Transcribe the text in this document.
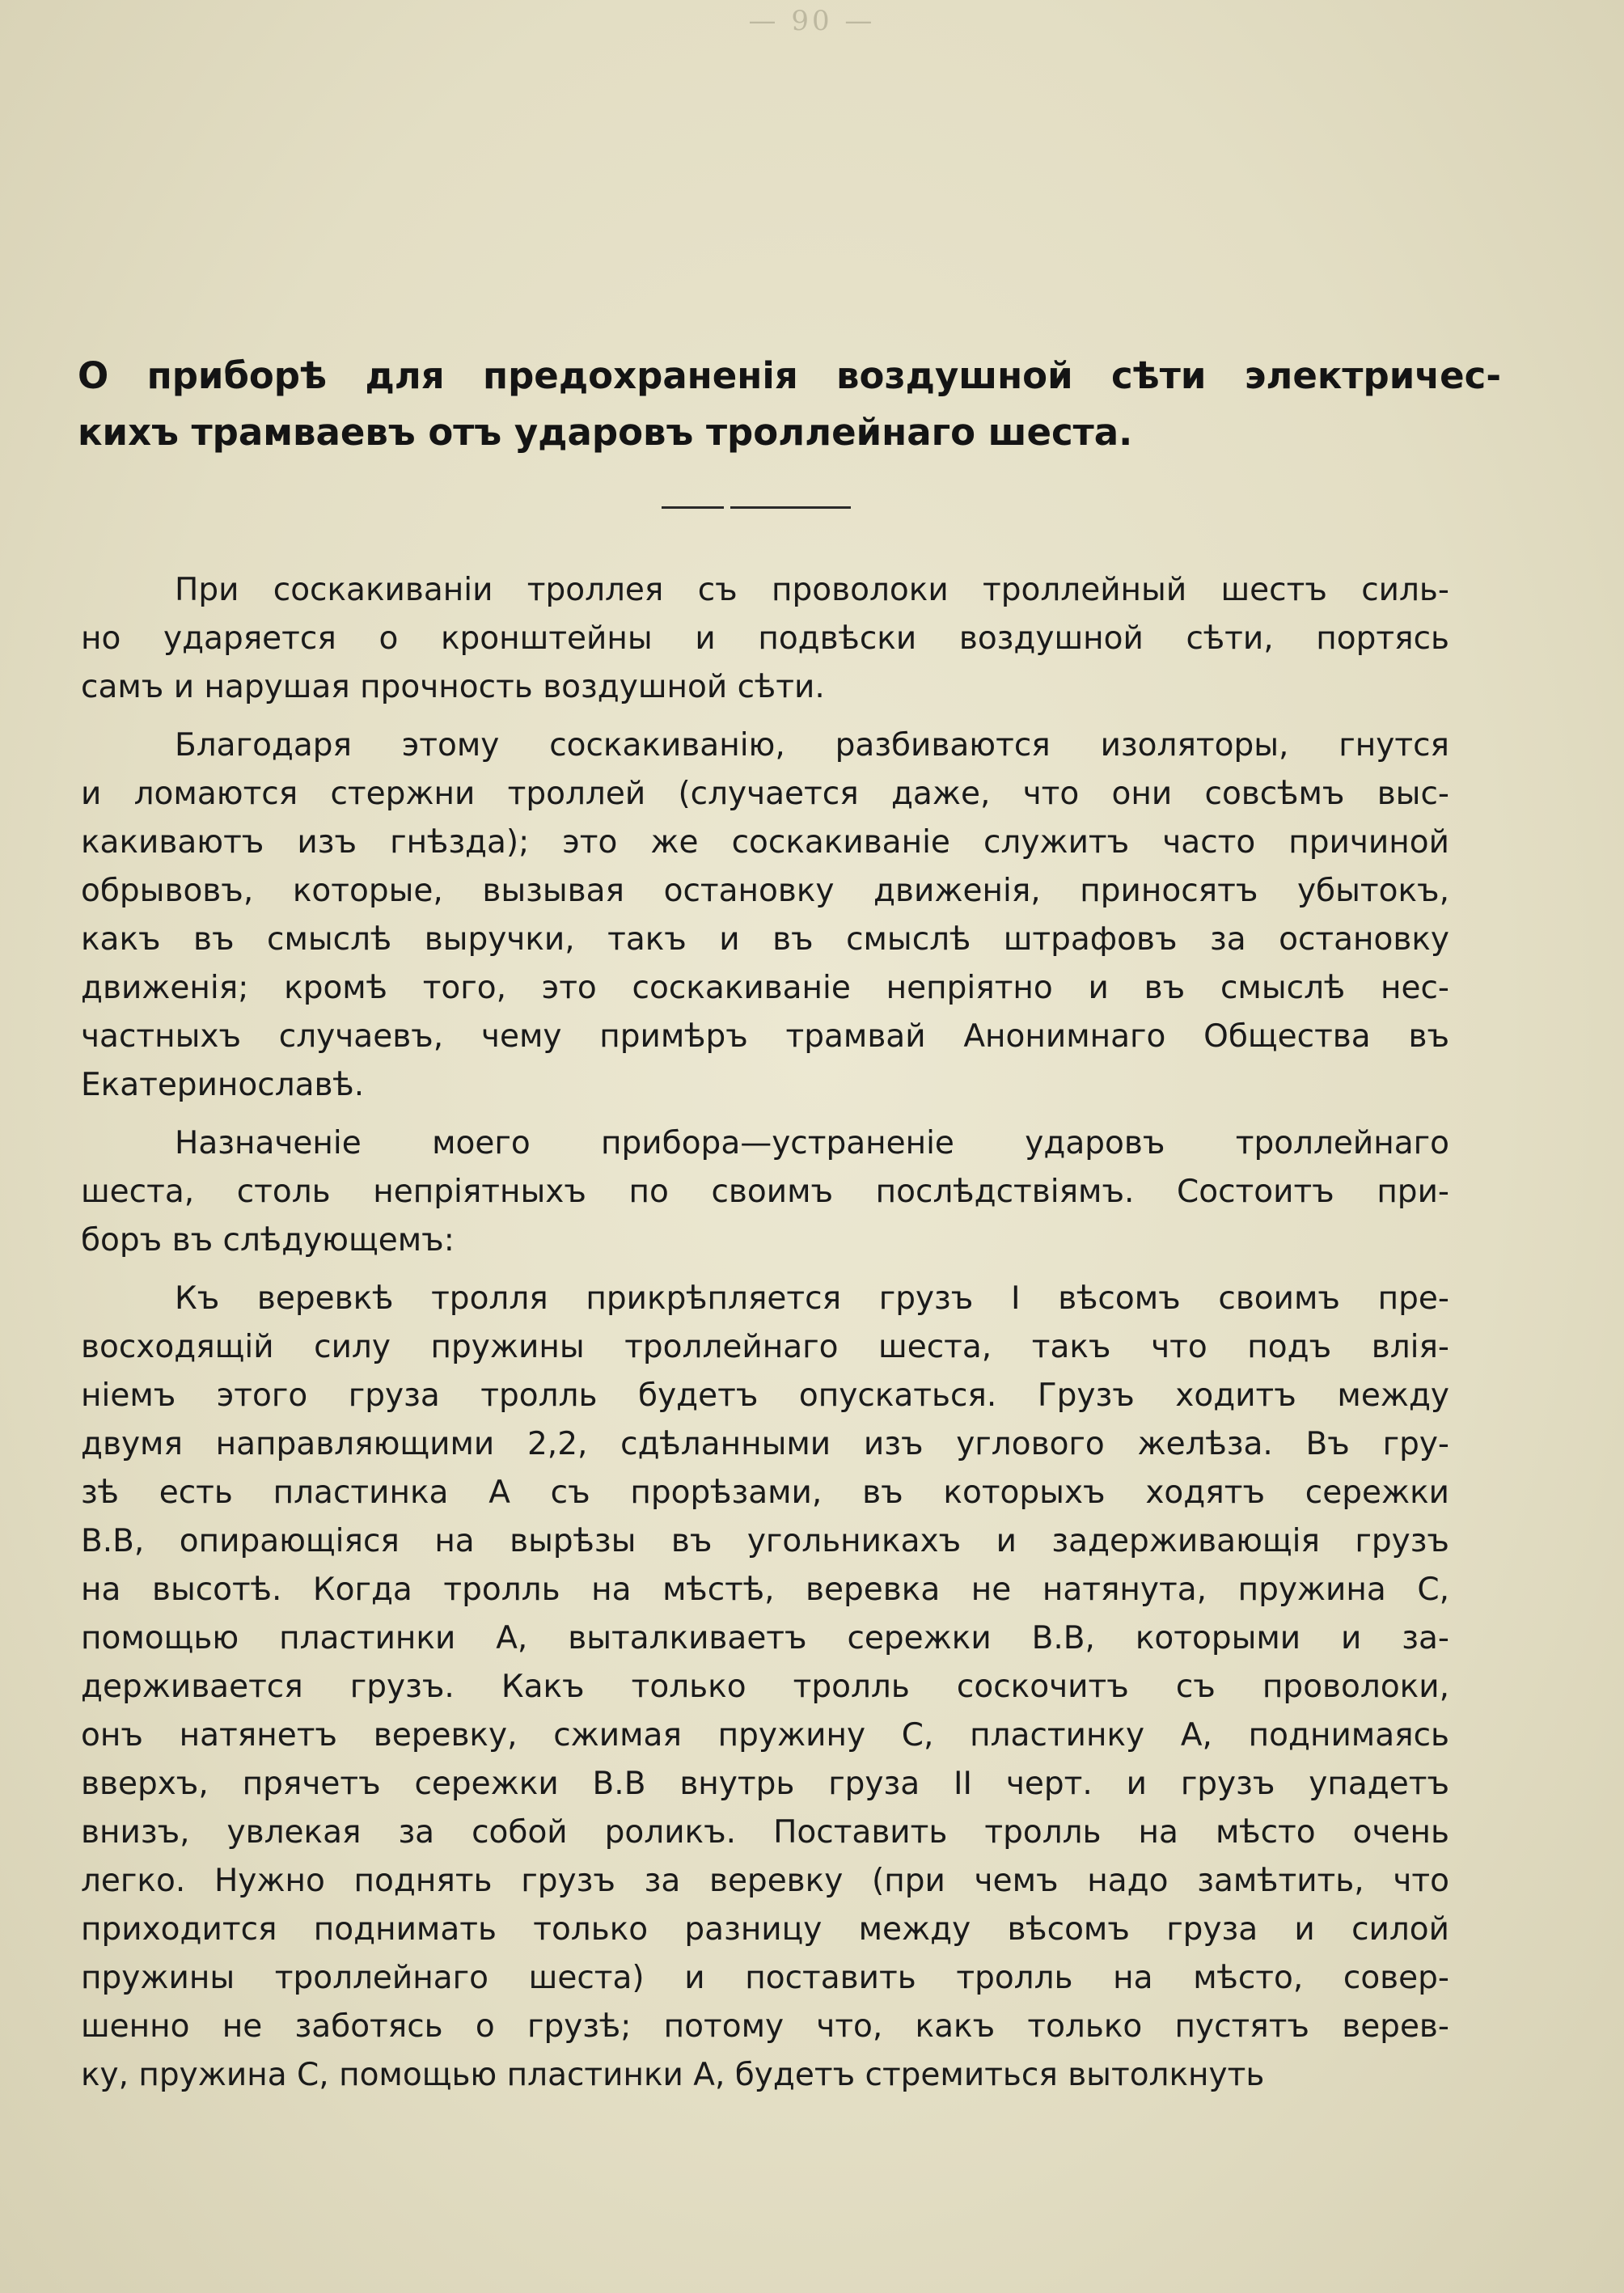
— 90 —
О приборѣ для предохраненія воздушной сѣти электричес-
кихъ трамваевъ отъ ударовъ троллейнаго шеста.

При соскакиваніи троллея съ проволоки троллейный шестъ силь-
но ударяется о кронштейны и подвѣски воздушной сѣти, портясь
самъ и нарушая прочность воздушной сѣти.

Благодаря этому соскакиванію, разбиваются изоляторы, гнутся
и ломаются стержни троллей (случается даже, что они совсѣмъ выс-
какиваютъ изъ гнѣзда); это же соскакиваніе служитъ часто причиной
обрывовъ, которые, вызывая остановку движенія, приносятъ убытокъ,
какъ въ смыслѣ выручки, такъ и въ смыслѣ штрафовъ за остановку
движенія; кромѣ того, это соскакиваніе непріятно и въ смыслѣ нес-
частныхъ случаевъ, чему примѣръ трамвай Анонимнаго Общества въ
Екатеринославѣ.

Назначеніе моего прибора—устраненіе ударовъ троллейнаго
шеста, столь непріятныхъ по своимъ послѣдствіямъ. Состоитъ при-
боръ въ слѣдующемъ:

Къ веревкѣ тролля прикрѣпляется грузъ I вѣсомъ своимъ пре-
восходящій силу пружины троллейнаго шеста, такъ что подъ влія-
ніемъ этого груза тролль будетъ опускаться. Грузъ ходитъ между
двумя направляющими 2,2, сдѣланными изъ углового желѣза. Въ гру-
зѣ есть пластинка А съ прорѣзами, въ которыхъ ходятъ сережки
В.В, опирающіяся на вырѣзы въ угольникахъ и задерживающія грузъ
на высотѣ. Когда тролль на мѣстѣ, веревка не натянута, пружина С,
помощью пластинки А, выталкиваетъ сережки В.В, которыми и за-
держивается грузъ. Какъ только тролль соскочитъ съ проволоки,
онъ натянетъ веревку, сжимая пружину С, пластинку А, поднимаясь
вверхъ, прячетъ сережки В.В внутрь груза II черт. и грузъ упадетъ
внизъ, увлекая за собой роликъ. Поставить тролль на мѣсто очень
легко. Нужно поднять грузъ за веревку (при чемъ надо замѣтить, что
приходится поднимать только разницу между вѣсомъ груза и силой
пружины троллейнаго шеста) и поставить тролль на мѣсто, совер-
шенно не заботясь о грузѣ; потому что, какъ только пустятъ верев-
ку, пружина С, помощью пластинки А, будетъ стремиться вытолкнуть
